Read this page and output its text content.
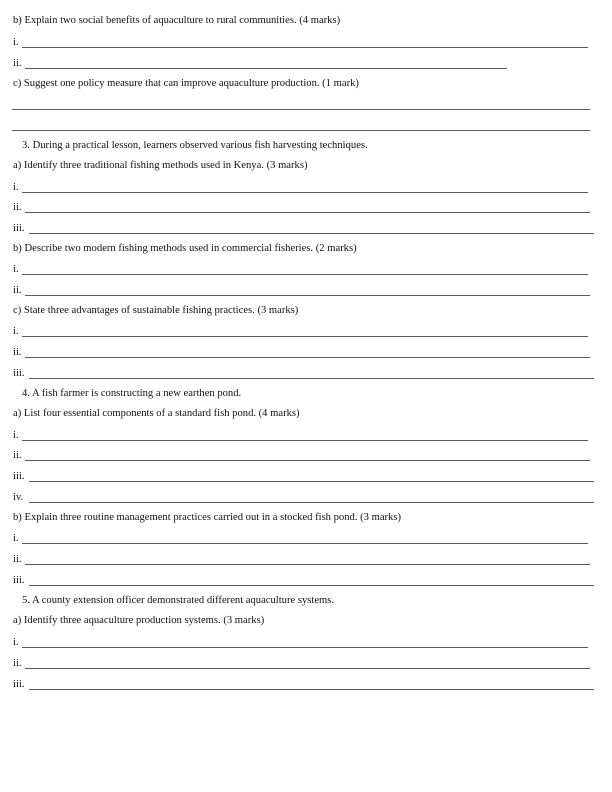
b) Explain two social benefits of aquaculture to rural communities. (4 marks)
i.
ii.
c) Suggest one policy measure that can improve aquaculture production. (1 mark)
3. During a practical lesson, learners observed various fish harvesting techniques.
a) Identify three traditional fishing methods used in Kenya. (3 marks)
i.
ii.
iii.
b) Describe two modern fishing methods used in commercial fisheries. (2 marks)
i.
ii.
c) State three advantages of sustainable fishing practices. (3 marks)
i.
ii.
iii.
4. A fish farmer is constructing a new earthen pond.
a) List four essential components of a standard fish pond. (4 marks)
i.
ii.
iii.
iv.
b) Explain three routine management practices carried out in a stocked fish pond. (3 marks)
i.
ii.
iii.
5. A county extension officer demonstrated different aquaculture systems.
a) Identify three aquaculture production systems. (3 marks)
i.
ii.
iii.
